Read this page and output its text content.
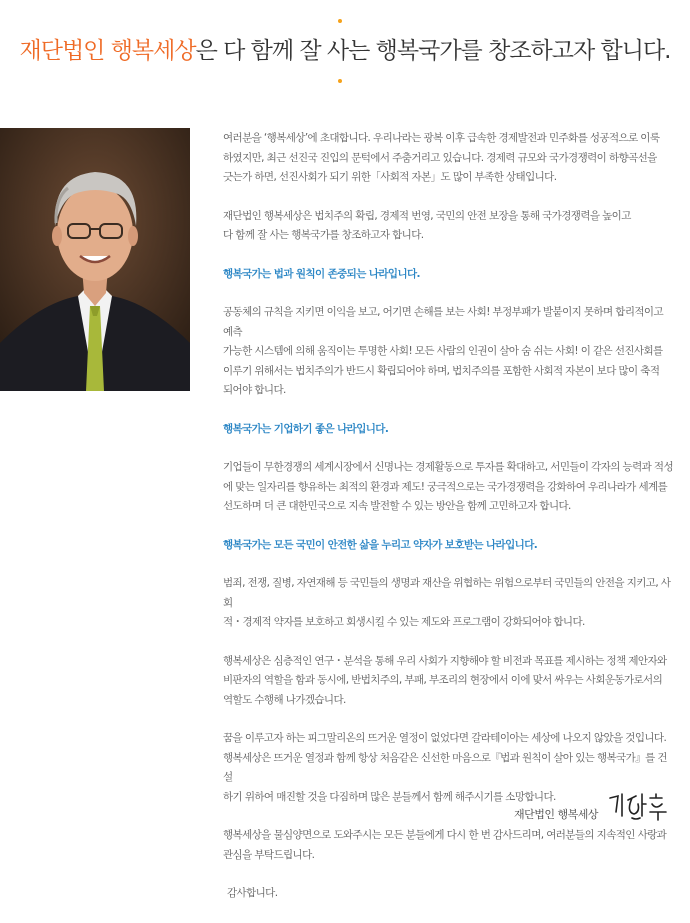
재단법인 행복세상은 다 함께 잘 사는 행복국가를 창조하고자 합니다.

여러분을 ‘행복세상’에 초대합니다. 우리나라는 광복 이후 급속한 경제발전과 민주화를 성공적으로 이룩
하였지만, 최근 선진국 진입의 문턱에서 주춤거리고 있습니다. 경제력 규모와 국가경쟁력이 하향곡선을
긋는가 하면, 선진사회가 되기 위한「사회적 자본」도 많이 부족한 상태입니다.

재단법인 행복세상은 법치주의 확립, 경제적 번영, 국민의 안전 보장을 통해 국가경쟁력을 높이고
다 함께 잘 사는 행복국가를 창조하고자 합니다.

행복국가는 법과 원칙이 존중되는 나라입니다.

공동체의 규칙을 지키면 이익을 보고, 어기면 손해를 보는 사회! 부정부패가 발붙이지 못하며 합리적이고 예측
가능한 시스템에 의해 움직이는 투명한 사회! 모든 사람의 인권이 살아 숨 쉬는 사회! 이 같은 선진사회를
이루기 위해서는 법치주의가 반드시 확립되어야 하며, 법치주의를 포함한 사회적 자본이 보다 많이 축적
되어야 합니다.

행복국가는 기업하기 좋은 나라입니다.

기업들이 무한경쟁의 세계시장에서 신명나는 경제활동으로 투자를 확대하고, 서민들이 각자의 능력과 적성
에 맞는 일자리를 향유하는 최적의 환경과 제도! 궁극적으로는 국가경쟁력을 강화하여 우리나라가 세계를
선도하며 더 큰 대한민국으로 지속 발전할 수 있는 방안을 함께 고민하고자 합니다.

행복국가는 모든 국민이 안전한 삶을 누리고 약자가 보호받는 나라입니다.

범죄, 전쟁, 질병, 자연재해 등 국민들의 생명과 재산을 위협하는 위험으로부터 국민들의 안전을 지키고, 사회
적・경제적 약자를 보호하고 회생시킬 수 있는 제도와 프로그램이 강화되어야 합니다.

행복세상은 심층적인 연구・분석을 통해 우리 사회가 지향해야 할 비전과 목표를 제시하는 정책 제안자와
비판자의 역할을 함과 동시에, 반법치주의, 부패, 부조리의 현장에서 이에 맞서 싸우는 사회운동가로서의
역할도 수행해 나가겠습니다.

꿈을 이루고자 하는 피그말리온의 뜨거운 열정이 없었다면 갈라테이아는 세상에 나오지 않았을 것입니다.
행복세상은 뜨거운 열정과 함께 항상 처음같은 신선한 마음으로『법과 원칙이 살아 있는 행복국가』를 건설
하기 위하여 매진할 것을 다짐하며 많은 분들께서 함께 해주시기를 소망합니다.

행복세상을 물심양면으로 도와주시는 모든 분들에게 다시 한 번 감사드리며, 여러분들의 지속적인 사랑과
관심을 부탁드립니다.

감사합니다.

재단법인 행복세상
